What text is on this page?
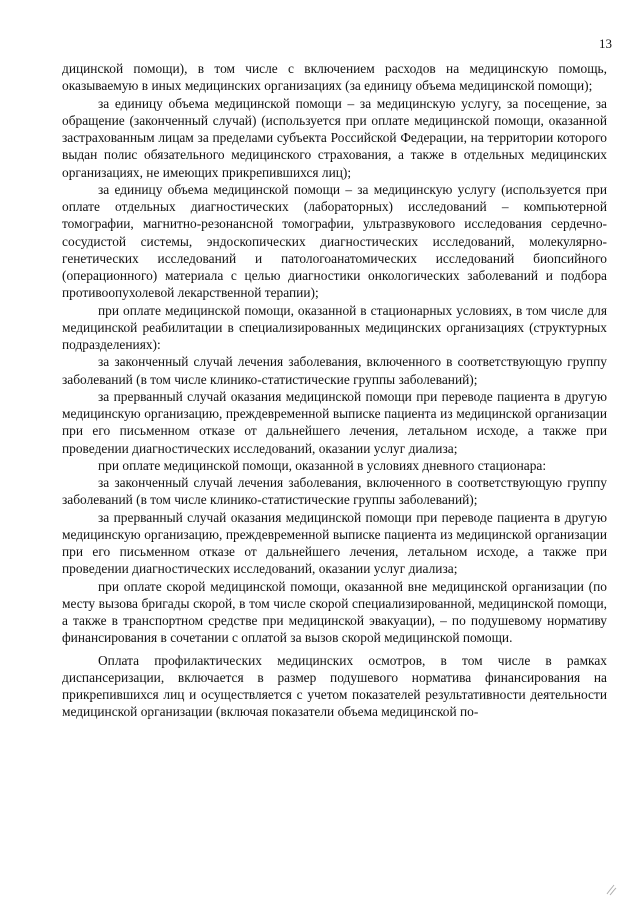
13

дицинской помощи), в том числе с включением расходов на медицинскую помощь, оказываемую в иных медицинских организациях (за единицу объема медицинской помощи);

за единицу объема медицинской помощи – за медицинскую услугу, за посещение, за обращение (законченный случай) (используется при оплате медицинской помощи, оказанной застрахованным лицам за пределами субъекта Российской Федерации, на территории которого выдан полис обязательного медицинского страхования, а также в отдельных медицинских организациях, не имеющих прикрепившихся лиц);

за единицу объема медицинской помощи – за медицинскую услугу (используется при оплате отдельных диагностических (лабораторных) исследований – компьютерной томографии, магнитно-резонансной томографии, ультразвукового исследования сердечно-сосудистой системы, эндоскопических диагностических исследований, молекулярно-генетических исследований и патологоанатомических исследований биопсийного (операционного) материала с целью диагностики онкологических заболеваний и подбора противоопухолевой лекарственной терапии);

при оплате медицинской помощи, оказанной в стационарных условиях, в том числе для медицинской реабилитации в специализированных медицинских организациях (структурных подразделениях):

за законченный случай лечения заболевания, включенного в соответствующую группу заболеваний (в том числе клинико-статистические группы заболеваний);

за прерванный случай оказания медицинской помощи при переводе пациента в другую медицинскую организацию, преждевременной выписке пациента из медицинской организации при его письменном отказе от дальнейшего лечения, летальном исходе, а также при проведении диагностических исследований, оказании услуг диализа;

при оплате медицинской помощи, оказанной в условиях дневного стационара:

за законченный случай лечения заболевания, включенного в соответствующую группу заболеваний (в том числе клинико-статистические группы заболеваний);

за прерванный случай оказания медицинской помощи при переводе пациента в другую медицинскую организацию, преждевременной выписке пациента из медицинской организации при его письменном отказе от дальнейшего лечения, летальном исходе, а также при проведении диагностических исследований, оказании услуг диализа;

при оплате скорой медицинской помощи, оказанной вне медицинской организации (по месту вызова бригады скорой, в том числе скорой специализированной, медицинской помощи, а также в транспортном средстве при медицинской эвакуации), – по подушевому нормативу финансирования в сочетании с оплатой за вызов скорой медицинской помощи.

Оплата профилактических медицинских осмотров, в том числе в рамках диспансеризации, включается в размер подушевого норматива финансирования на прикрепившихся лиц и осуществляется с учетом показателей результативности деятельности медицинской организации (включая показатели объема медицинской по-
